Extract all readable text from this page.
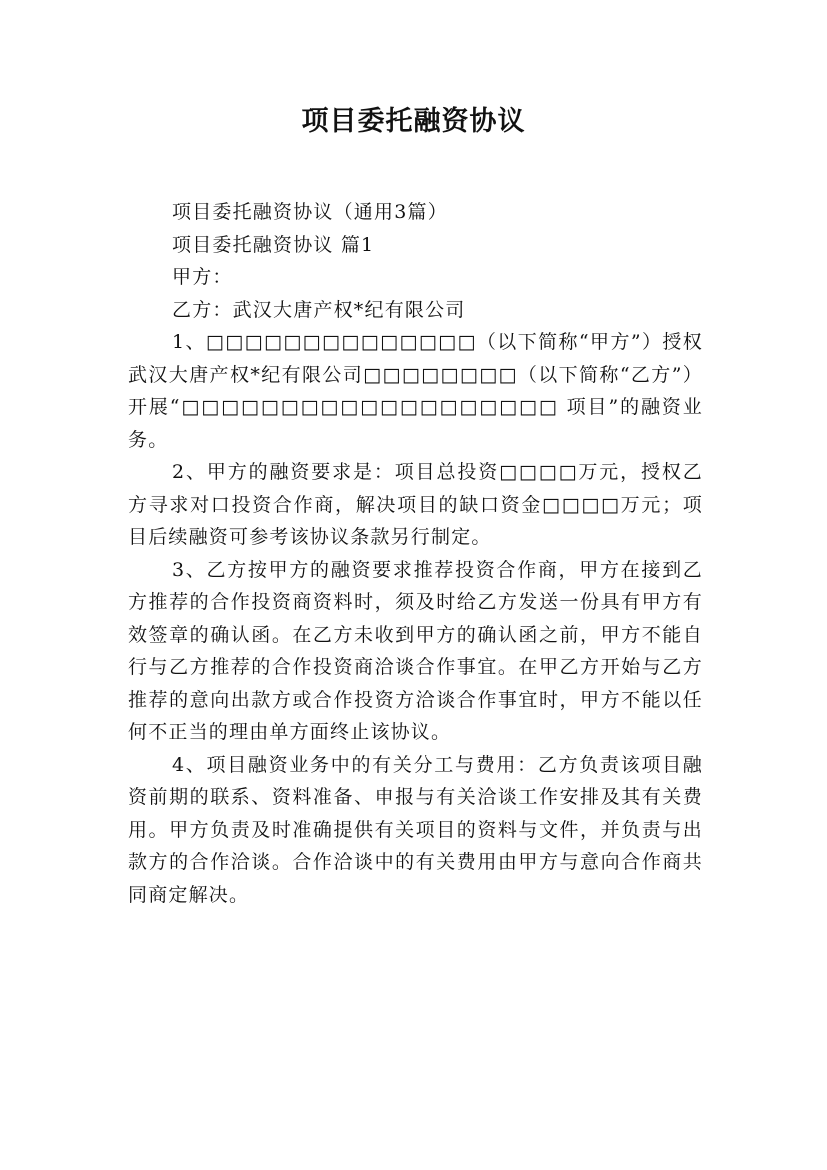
项目委托融资协议

项目委托融资协议（通用3篇）

项目委托融资协议 篇1

甲方：

乙方：武汉大唐产权*纪有限公司

1、□□□□□□□□□□□□□□（以下简称“甲方”）授权武汉大唐产权*纪有限公司□□□□□□□□（以下简称“乙方”）开展“□□□□□□□□□□□□□□□□□□□ 项目”的融资业务。

2、甲方的融资要求是：项目总投资□□□□万元，授权乙方寻求对口投资合作商，解决项目的缺口资金□□□□万元；项目后续融资可参考该协议条款另行制定。

3、乙方按甲方的融资要求推荐投资合作商，甲方在接到乙方推荐的合作投资商资料时，须及时给乙方发送一份具有甲方有效签章的确认函。在乙方未收到甲方的确认函之前，甲方不能自行与乙方推荐的合作投资商洽谈合作事宜。在甲乙方开始与乙方推荐的意向出款方或合作投资方洽谈合作事宜时，甲方不能以任何不正当的理由单方面终止该协议。

4、项目融资业务中的有关分工与费用：乙方负责该项目融资前期的联系、资料准备、申报与有关洽谈工作安排及其有关费用。甲方负责及时准确提供有关项目的资料与文件，并负责与出款方的合作洽谈。合作洽谈中的有关费用由甲方与意向合作商共同商定解决。
